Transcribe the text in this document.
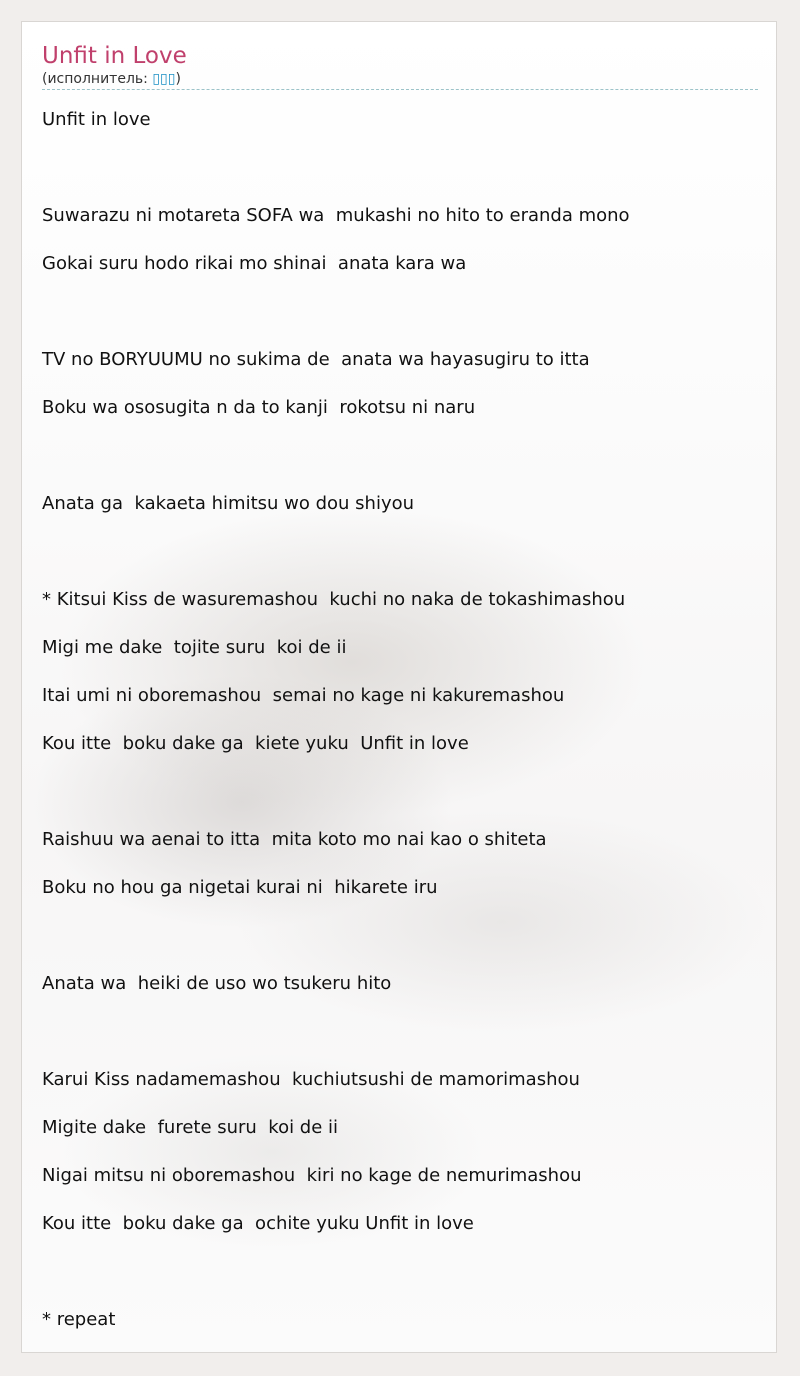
Unfit in Love
(исполнитель: ▯▯▯)
Unfit in love
Suwarazu ni motareta SOFA wa  mukashi no hito to eranda mono
Gokai suru hodo rikai mo shinai  anata kara wa
TV no BORYUUMU no sukima de  anata wa hayasugiru to itta
Boku wa ososugita n da to kanji  rokotsu ni naru
Anata ga  kakaeta himitsu wo dou shiyou
* Kitsui Kiss de wasuremashou  kuchi no naka de tokashimashou
Migi me dake  tojite suru  koi de ii
Itai umi ni oboremashou  semai no kage ni kakuremashou
Kou itte  boku dake ga  kiete yuku  Unfit in love
Raishuu wa aenai to itta  mita koto mo nai kao o shiteta
Boku no hou ga nigetai kurai ni  hikarete iru
Anata wa  heiki de uso wo tsukeru hito
Karui Kiss nadamemashou  kuchiutsushi de mamorimashou
Migite dake  furete suru  koi de ii
Nigai mitsu ni oboremashou  kiri no kage de nemurimashou
Kou itte  boku dake ga  ochite yuku Unfit in love
* repeat
